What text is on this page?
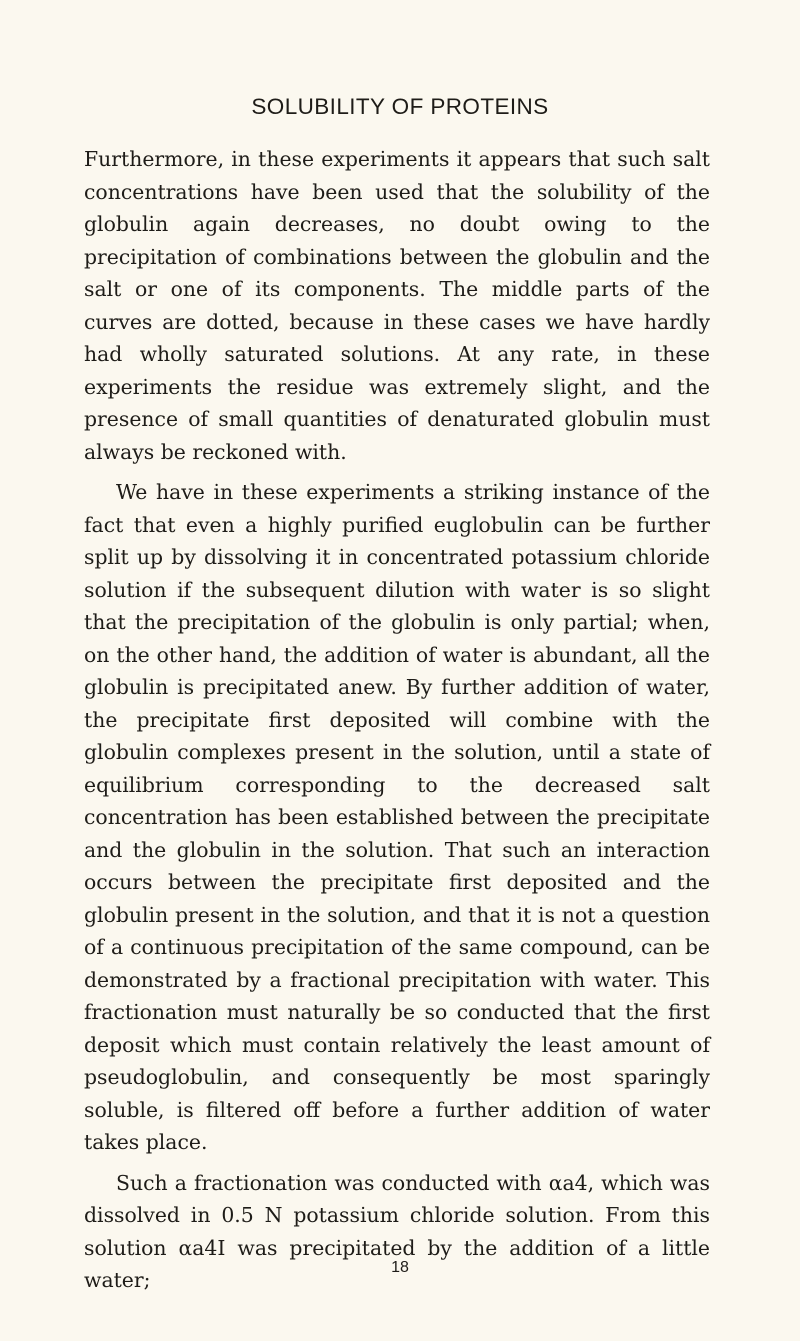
SOLUBILITY OF PROTEINS

Furthermore, in these experiments it appears that such salt concentrations have been used that the solubility of the globulin again decreases, no doubt owing to the precipitation of combinations between the globulin and the salt or one of its components. The middle parts of the curves are dotted, because in these cases we have hardly had wholly saturated solutions. At any rate, in these experiments the residue was extremely slight, and the presence of small quantities of denaturated globulin must always be reckoned with.

We have in these experiments a striking instance of the fact that even a highly purified euglobulin can be further split up by dissolving it in concentrated potassium chloride solution if the subsequent dilution with water is so slight that the precipitation of the globulin is only partial; when, on the other hand, the addition of water is abundant, all the globulin is precipitated anew. By further addition of water, the precipitate first deposited will combine with the globulin complexes present in the solution, until a state of equilibrium corresponding to the decreased salt concentration has been established between the precipitate and the globulin in the solution. That such an interaction occurs between the precipitate first deposited and the globulin present in the solution, and that it is not a question of a continuous precipitation of the same compound, can be demonstrated by a fractional precipitation with water. This fractionation must naturally be so conducted that the first deposit which must contain relatively the least amount of pseudoglobulin, and consequently be most sparingly soluble, is filtered off before a further addition of water takes place.

Such a fractionation was conducted with αa4, which was dissolved in 0.5 N potassium chloride solution. From this solution αa4I was precipitated by the addition of a little water;

18
